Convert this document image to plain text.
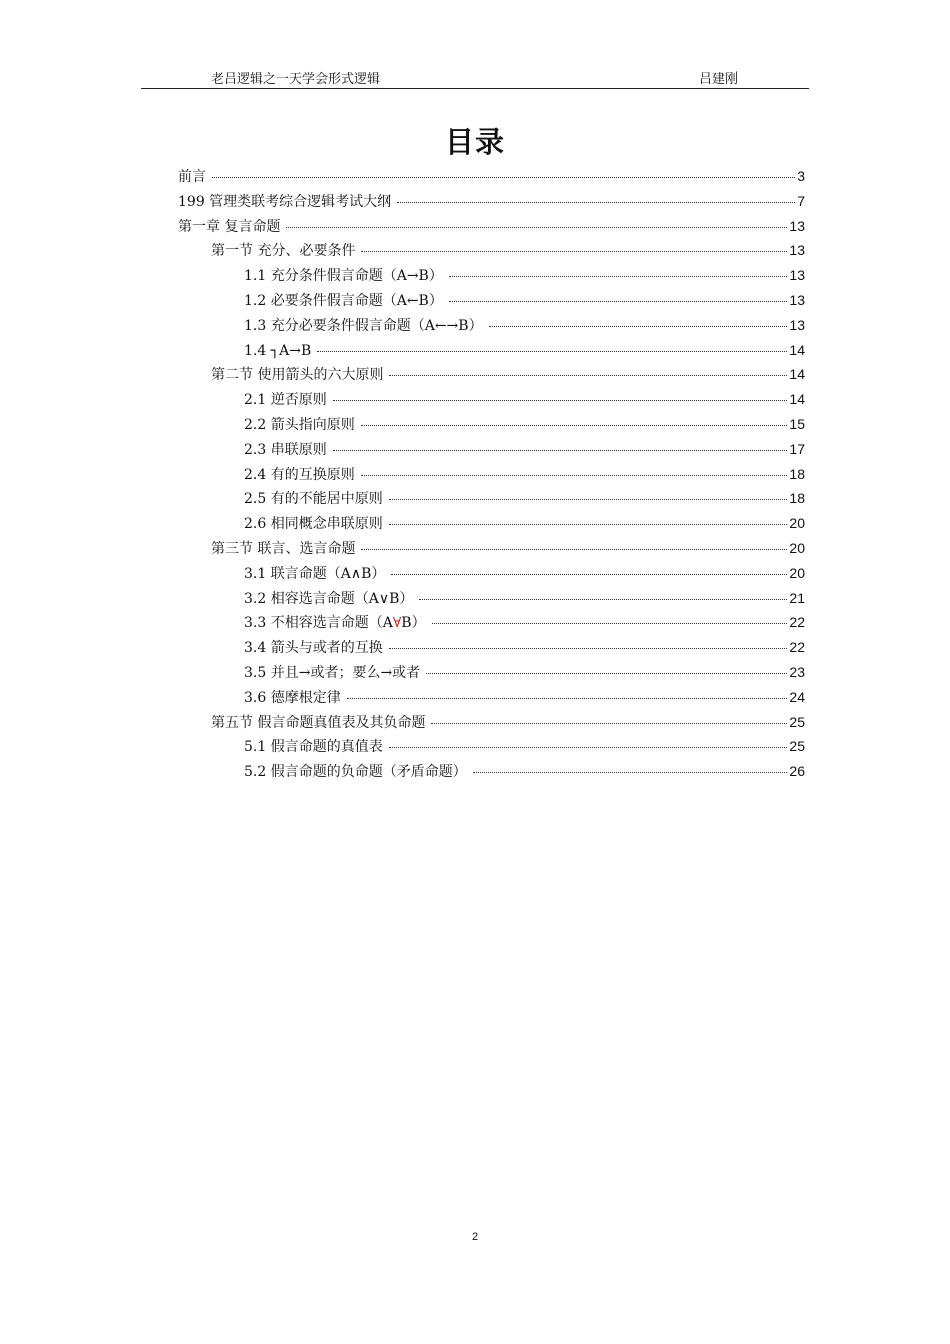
老吕逻辑之一天学会形式逻辑	吕建刚
目录
前言	3
199 管理类联考综合逻辑考试大纲	7
第一章 复言命题	13
第一节 充分、必要条件	13
1.1 充分条件假言命题（A→B）	13
1.2 必要条件假言命题（A←B）	13
1.3 充分必要条件假言命题（A←→B）	13
1.4 ┐A→B	14
第二节 使用箭头的六大原则	14
2.1 逆否原则	14
2.2 箭头指向原则	15
2.3 串联原则	17
2.4 有的互换原则	18
2.5 有的不能居中原则	18
2.6 相同概念串联原则	20
第三节 联言、选言命题	20
3.1 联言命题（A∧B）	20
3.2 相容选言命题（A∨B）	21
3.3 不相容选言命题（A∀B）	22
3.4 箭头与或者的互换	22
3.5 并且→或者；要么→或者	23
3.6 德摩根定律	24
第五节 假言命题真值表及其负命题	25
5.1 假言命题的真值表	25
5.2 假言命题的负命题（矛盾命题）	26
2
